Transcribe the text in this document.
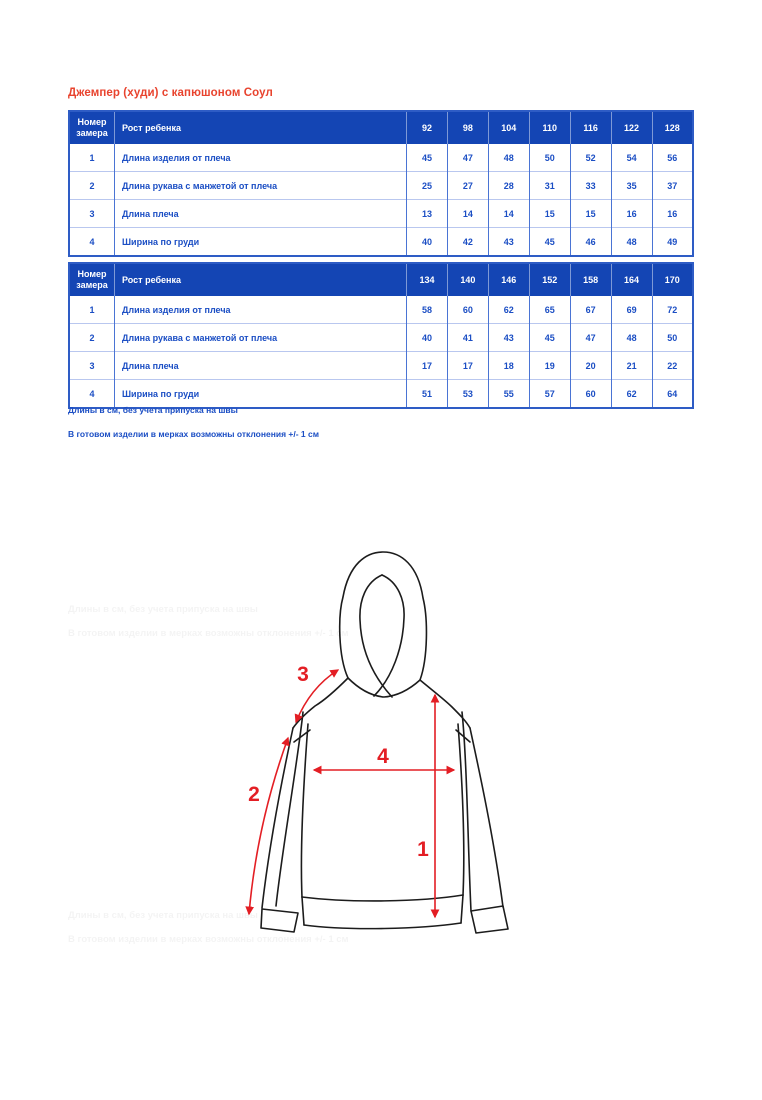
Джемпер (худи) с капюшоном Соул
Номер замера	Рост ребенка	92	98	104	110	116	122	128
1	Длина изделия от плеча	45	47	48	50	52	54	56
2	Длина рукава с манжетой от плеча	25	27	28	31	33	35	37
3	Длина плеча	13	14	14	15	15	16	16
4	Ширина по груди	40	42	43	45	46	48	49
Номер замера	Рост ребенка	134	140	146	152	158	164	170
1	Длина изделия от плеча	58	60	62	65	67	69	72
2	Длина рукава с манжетой от плеча	40	41	43	45	47	48	50
3	Длина плеча	17	17	18	19	20	21	22
4	Ширина по груди	51	53	55	57	60	62	64
Длины в см, без учета припуска на швы
В готовом изделии в мерках возможны отклонения +/- 1 см
1
2
3
4
